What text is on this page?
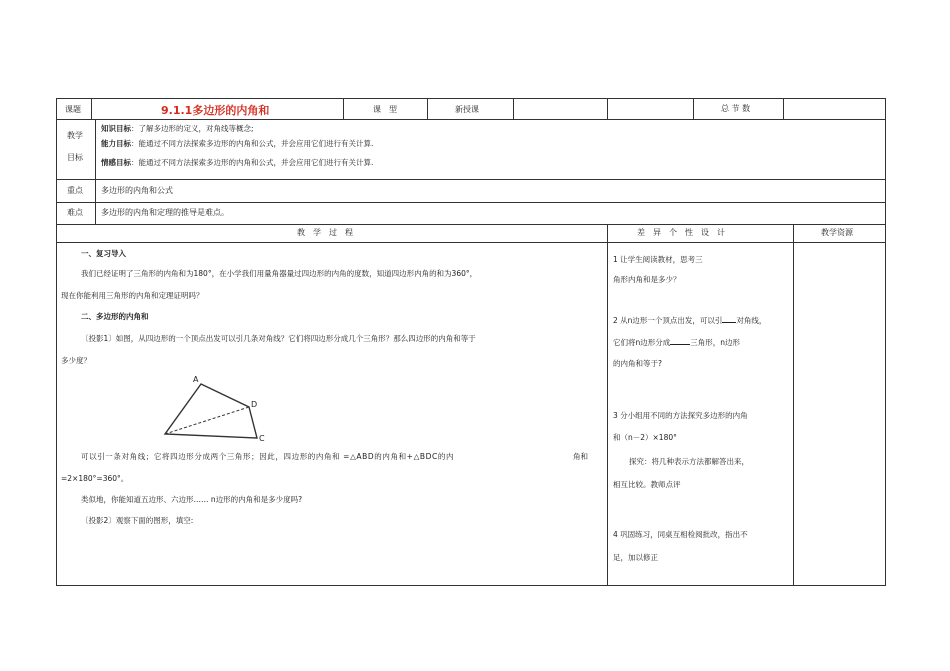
课题	9.1.1多边形的内角和	课　型	新授课	总 节 数
教学
目标
知识目标：了解多边形的定义，对角线等概念;
能力目标：能通过不同方法探索多边形的内角和公式，并会应用它们进行有关计算.
情感目标：能通过不同方法探索多边形的内角和公式，并会应用它们进行有关计算.
重点 多边形的内角和公式
难点 多边形的内角和定理的推导是难点。
教　学　过　程	差　异　个　性　设　计	教学资源
一、复习导入
我们已经证明了三角形的内角和为180°，在小学我们用量角器量过四边形的内角的度数，知道四边形内角的和为360°，
现在你能利用三角形的内角和定理证明吗？
二、多边形的内角和
〔投影1〕如图，从四边形的一个顶点出发可以引几条对角线？它们将四边形分成几个三角形？那么四边形的内角和等于
多少度？
A
D
C
可以引一条对角线；它将四边形分成两个三角形；因此，四边形的内角和 =△ABD的内角和+△BDC的内	角和
=2×180°=360°。
类似地，你能知道五边形、六边形…… n边形的内角和是多少度吗?
〔投影2〕观察下面的图形，填空:
1 让学生阅读教材，思考三
角形内角和是多少？
2 从n边形一个顶点出发，可以引 对角线，
它们将n边形分成	三角形，n边形
的内角和等于?
3 分小组用不同的方法探究多边形的内角
和（n－2）×180°
探究：将几种表示方法都解答出来，
相互比较。教师点评
4 巩固练习，同桌互相检阅批改，指出不
足，加以修正
